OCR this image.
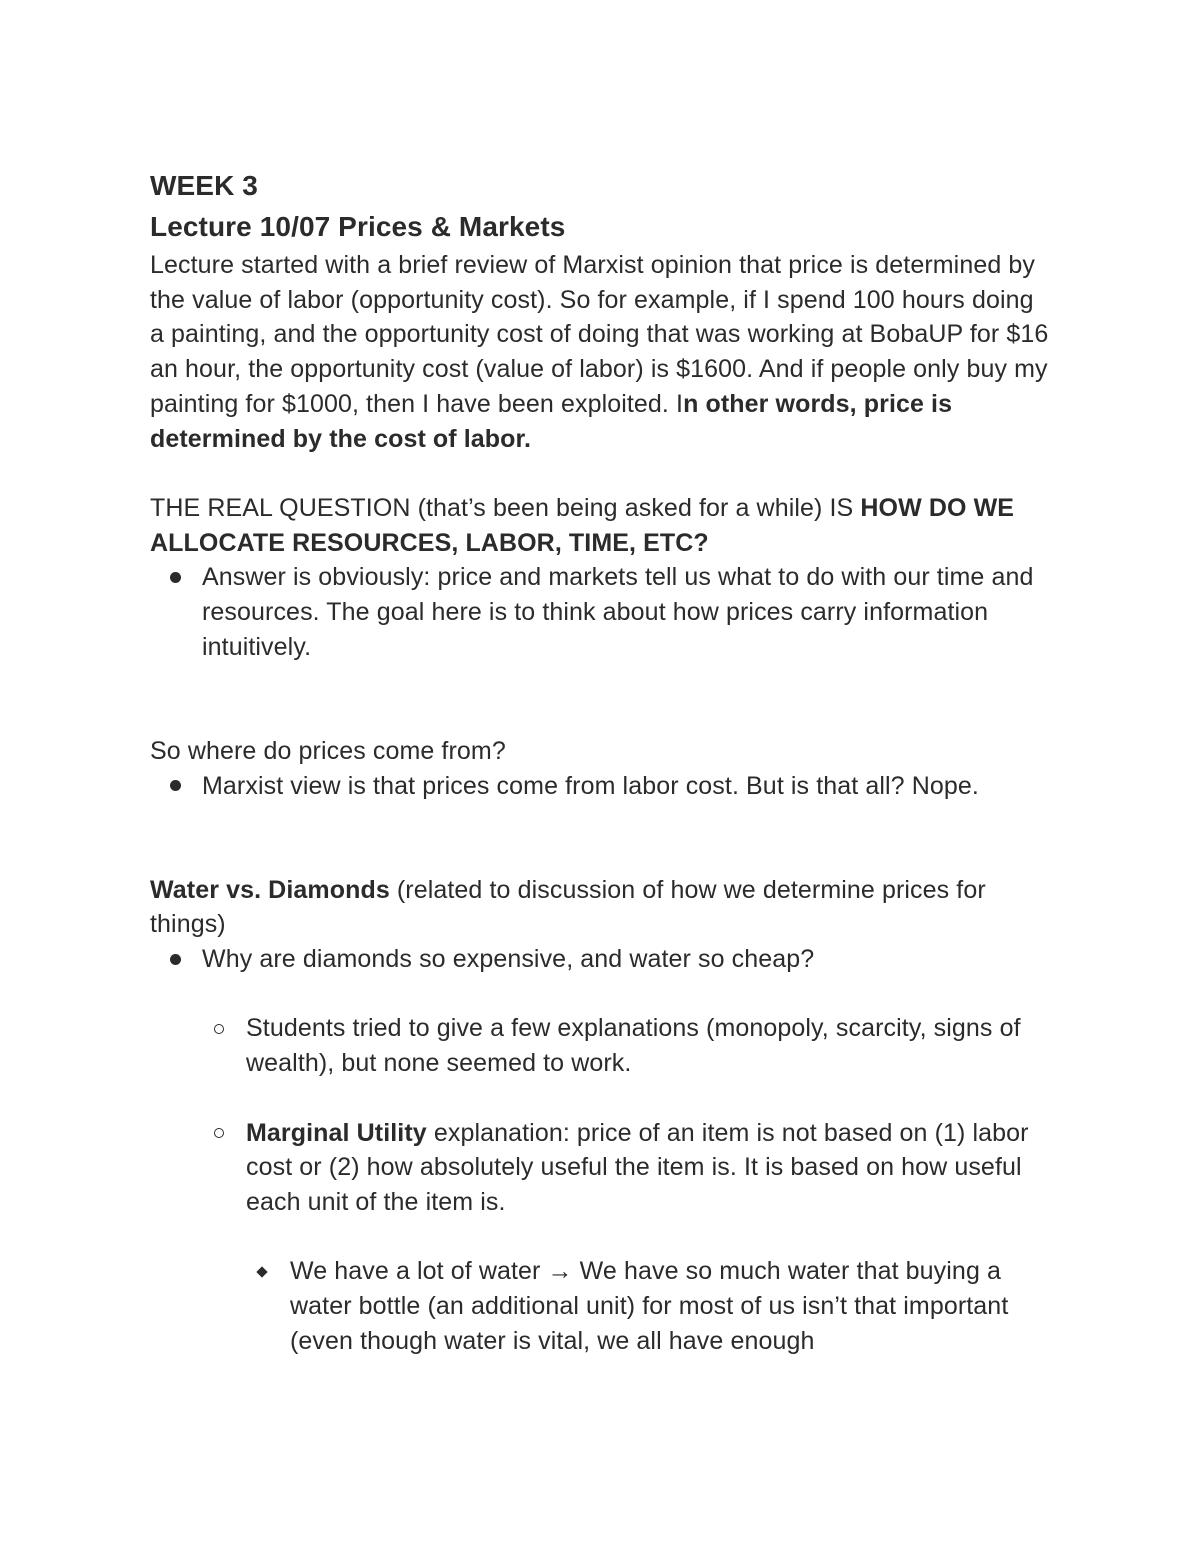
WEEK 3
Lecture 10/07 Prices & Markets

Lecture started with a brief review of Marxist opinion that price is determined by the value of labor (opportunity cost). So for example, if I spend 100 hours doing a painting, and the opportunity cost of doing that was working at BobaUP for $16 an hour, the opportunity cost (value of labor) is $1600. And if people only buy my painting for $1000, then I have been exploited. In other words, price is determined by the cost of labor.

THE REAL QUESTION (that’s been being asked for a while) IS HOW DO WE ALLOCATE RESOURCES, LABOR, TIME, ETC?

Answer is obviously: price and markets tell us what to do with our time and resources. The goal here is to think about how prices carry information intuitively.

So where do prices come from?

Marxist view is that prices come from labor cost. But is that all? Nope.

Water vs. Diamonds (related to discussion of how we determine prices for things)

Why are diamonds so expensive, and water so cheap?
Students tried to give a few explanations (monopoly, scarcity, signs of wealth), but none seemed to work.
Marginal Utility explanation: price of an item is not based on (1) labor cost or (2) how absolutely useful the item is. It is based on how useful each unit of the item is.
We have a lot of water → We have so much water that buying a water bottle (an additional unit) for most of us isn’t that important (even though water is vital, we all have enough
